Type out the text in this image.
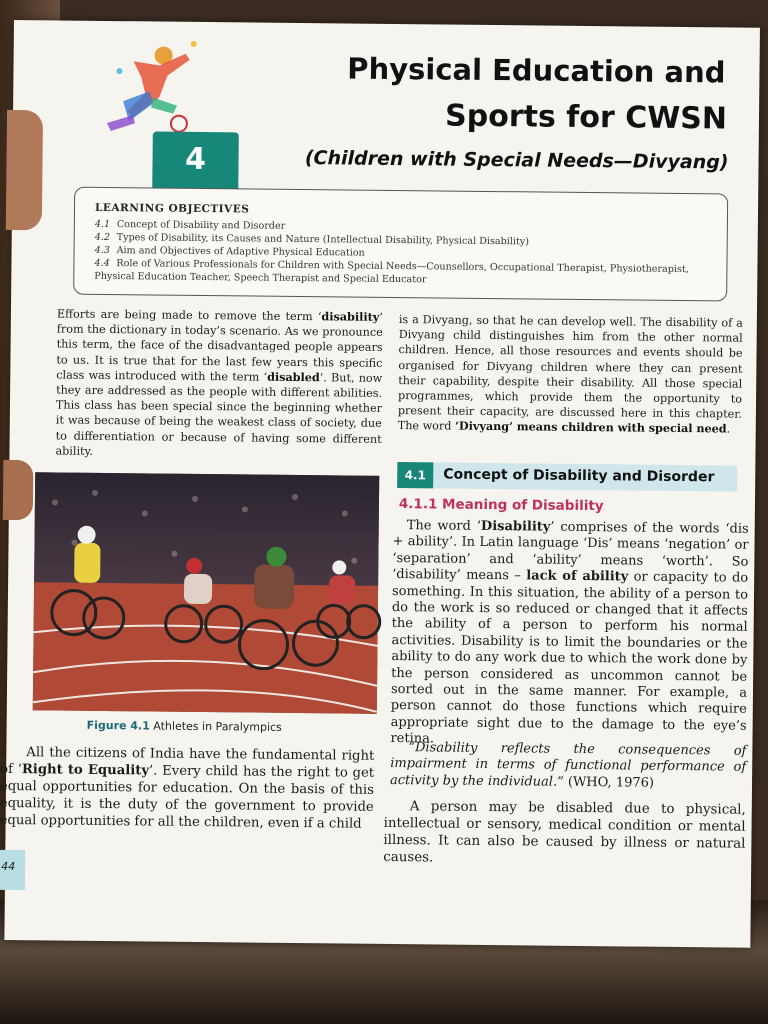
Physical Education and
Sports for CWSN
4	(Children with Special Needs—Divyang)
LEARNING OBJECTIVES
4.1 Concept of Disability and Disorder
4.2 Types of Disability, its Causes and Nature (Intellectual Disability, Physical Disability)
4.3 Aim and Objectives of Adaptive Physical Education
4.4 Role of Various Professionals for Children with Special Needs—Counsellors, Occupational Therapist, Physiotherapist, Physical Education Teacher, Speech Therapist and Special Educator
Efforts are being made to remove the term ‘disability’ from the dictionary in today’s scenario. As we pronounce this term, the face of the disadvantaged people appears to us. It is true that for the last few years this specific class was introduced with the term ‘disabled’. But, now they are addressed as the people with different abilities. This class has been special since the beginning whether it was because of being the weakest class of society, due to differentiation or because of having some different ability.
is a Divyang, so that he can develop well. The disability of a Divyang child distinguishes him from the other normal children. Hence, all those resources and events should be organised for Divyang children where they can present their capability, despite their disability. All those special programmes, which provide them the opportunity to present their capacity, are discussed here in this chapter. The word ‘Divyang’ means children with special need.
Figure 4.1 Athletes in Paralympics
All the citizens of India have the fundamental right of ‘Right to Equality’. Every child has the right to get equal opportunities for education. On the basis of this equality, it is the duty of the government to provide equal opportunities for all the children, even if a child
4.1	Concept of Disability and Disorder
4.1.1 Meaning of Disability
The word ‘Disability’ comprises of the words ‘dis + ability’. In Latin language ‘Dis’ means ‘negation’ or ‘separation’ and ‘ability’ means ‘worth’. So ‘disability’ means – lack of ability or capacity to do something. In this situation, the ability of a person to do the work is so reduced or changed that it affects the ability of a person to perform his normal activities. Disability is to limit the boundaries or the ability to do any work due to which the work done by the person considered as uncommon cannot be sorted out in the same manner. For example, a person cannot do those functions which require appropriate sight due to the damage to the eye’s retina.
“Disability reflects the consequences of impairment in terms of functional performance of activity by the individual.” (WHO, 1976)
A person may be disabled due to physical, intellectual or sensory, medical condition or mental illness. It can also be caused by illness or natural causes.
44
